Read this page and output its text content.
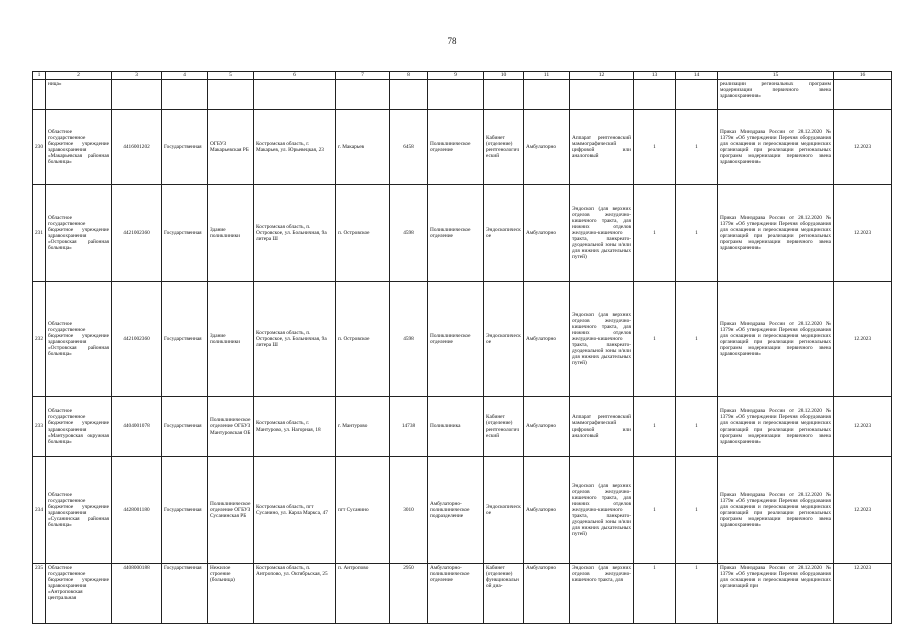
78
1	2	3	4	5	6	7	8	9	10	11	12	13	14	15	16
	ница»													реализации региональных программ модернизации первичного звена здравоохранения»	
230	Областное государственное бюджетное учреждение здравоохранения «Макарьевская районная больница»	4416001202	Государственная	ОГБУЗ Макарьевская РБ	Костромская область, г. Макарьев, ул. Юрьевецкая, 23	г. Макарьев	6458	Поликлиническое отделение	Кабинет (отделение) рентгенологический	Амбулаторно	Аппарат рентгеновский маммографический цифровой или аналоговый	1	1	Приказ Минздрава России от 28.12.2020 № 1379н «Об утверждении Перечня оборудования для оснащения и переоснащения медицинских организаций при реализации региональных программ модернизации первичного звена здравоохранения»	12.2023
231	Областное государственное бюджетное учреждение здравоохранения «Островская районная больница»	4421002360	Государственная	Здание поликлиники	Костромская область, п. Островское, ул. Больничная, 9а литера Ш	п. Островское	4598	Поликлиническое отделение	Эндоскопическое	Амбулаторно	Эндоскоп (для верхних отделов желудочно-кишечного тракта, для нижних отделов желудочно-кишечного тракта, панкреато-дуоденальной зоны и/или для нижних дыхательных путей)	1	1	Приказ Минздрава России от 28.12.2020 № 1379н «Об утверждении Перечня оборудования для оснащения и переоснащения медицинских организаций при реализации региональных программ модернизации первичного звена здравоохранения»	12.2023
232	Областное государственное бюджетное учреждение здравоохранения «Островская районная больница»	4421002360	Государственная	Здание поликлиники	Костромская область, п. Островское, ул. Больничная, 9а литера Ш	п. Островское	4598	Поликлиническое отделение	Эндоскопическое	Амбулаторно	Эндоскоп (для верхних отделов желудочно-кишечного тракта, для нижних отделов желудочно-кишечного тракта, панкреато-дуоденальной зоны и/или для нижних дыхательных путей)	1	1	Приказ Минздрава России от 28.12.2020 № 1379н «Об утверждении Перечня оборудования для оснащения и переоснащения медицинских организаций при реализации региональных программ модернизации первичного звена здравоохранения»	12.2023
233	Областное государственное бюджетное учреждение здравоохранения «Мантуровская окружная больница»	4404001078	Государственная	Поликлиническое отделение ОГБУЗ Мантуровская ОБ	Костромская область, г. Мантурово, ул. Нагорная, 18	г. Мантурово	14738	Поликлиника	Кабинет (отделение) рентгенологический	Амбулаторно	Аппарат рентгеновский маммографический цифровой или аналоговый	1	1	Приказ Минздрава России от 28.12.2020 № 1379н «Об утверждении Перечня оборудования для оснащения и переоснащения медицинских организаций при реализации региональных программ модернизации первичного звена здравоохранения»	12.2023
234	Областное государственное бюджетное учреждение здравоохранения «Сусанинская районная больница»	4428001180	Государственная	Поликлиническое отделение ОГБУЗ Сусанинская РБ	Костромская область, пгт Сусанино, ул. Карла Маркса, 47	пгт Сусанино	3010	Амбулаторно-поликлиническое подразделение	Эндоскопическое	Амбулаторно	Эндоскоп (для верхних отделов желудочно-кишечного тракта, для нижних отделов желудочно-кишечного тракта, панкреато-дуоденальной зоны и/или для нижних дыхательных путей)	1	1	Приказ Минздрава России от 28.12.2020 № 1379н «Об утверждении Перечня оборудования для оснащения и переоснащения медицинских организаций при реализации региональных программ модернизации первичного звена здравоохранения»	12.2023
235	Областное государственное бюджетное учреждение здравоохранения «Антроповская центральная	4408000188	Государственная	Нежилое строение (больница)	Костромская область, п. Антропово, ул. Октябрьская, 25	п. Антропово	2950	Амбулаторно-поликлиническое отделение	Кабинет (отделение) функциональной диа-	Амбулаторно	Эндоскоп (для верхних отделов желудочно-кишечного тракта, для	1	1	Приказ Минздрава России от 28.12.2020 № 1379н «Об утверждении Перечня оборудования для оснащения и переоснащения медицинских организаций при	12.2023
